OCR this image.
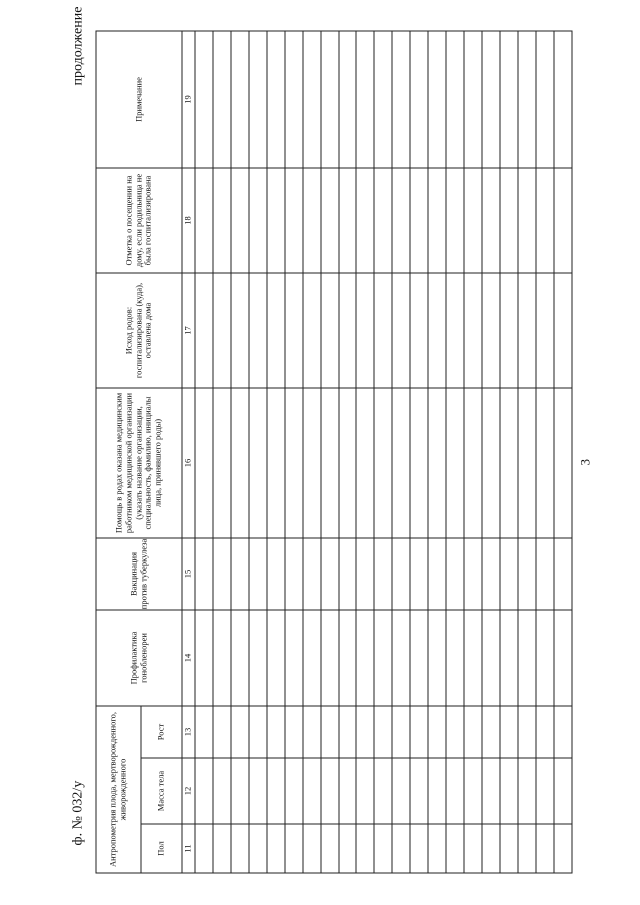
3
ф. № 032/у
продолжение
Антропометрия плода, мертворожденного, живорожденного			Профилактика гонобленореи	Вакцинация против туберкулеза	Помощь в родах оказана медицинским работником медицинской организации (указать название организации, специальность, фамилию, инициалы лица, принявшего роды)	Исход родов: госпитализирована (куда), оставлена дома	Отметка о посещении на дому, если родильница не была госпитализирована	Примечание
Пол	Масса тела	Рост						
11	12	13	14	15	16	17	18	19
